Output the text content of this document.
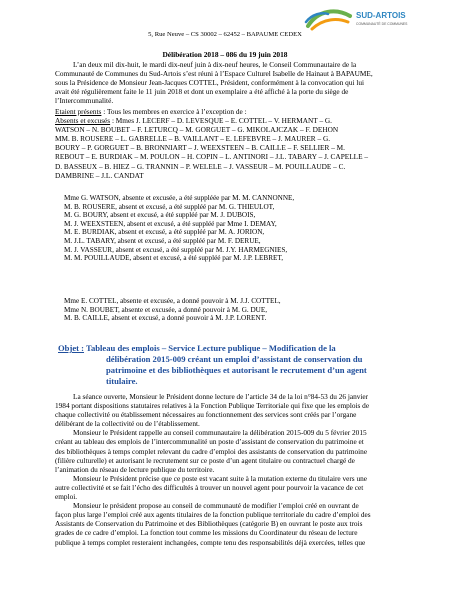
SUD-ARTOIS
COMMUNAUTÉ DE COMMUNES
5, Rue Neuve – CS 30002 – 62452 – BAPAUME CEDEX
Délibération 2018 – 086 du 19 juin 2018
L’an deux mil dix-huit, le mardi dix-neuf juin à dix-neuf heures, le Conseil Communautaire de la
Communauté de Communes du Sud-Artois s’est réuni à l’Espace Culturel Isabelle de Hainaut à BAPAUME,
sous la Présidence de Monsieur Jean-Jacques COTTEL, Président, conformément à la convocation qui lui
avait été régulièrement faite le 11 juin 2018 et dont un exemplaire a été affiché à la porte du siège de
l’Intercommunalité.
Etaient présents : Tous les membres en exercice à l’exception de :
Absents et excusés : Mmes J. LECERF – D. LEVESQUE – E. COTTEL – V. HERMANT – G.
WATSON – N. BOUBET – F. LETURCQ – M. GORGUET – G. MIKOLAJCZAK – F. DEHON
MM. B. ROUSERE – L. GABRELLE – B. VAILLANT – E. LEFEBVRE – J. MAURER – G.
BOURY – P. GORGUET – B. BRONNIART – J. WEEXSTEEN – B. CAILLE – F. SELLIER – M.
REBOUT – E. BURDIAK – M. POULON – H. COPIN – L. ANTINORI – J.L. TABARY – J. CAPELLE –
D. BASSEUX – B. HIEZ – G. TRANNIN – P. WELELE – J. VASSEUR – M. POUILLAUDE – C.
DAMBRINE – J.L. CANDAT
Mme G. WATSON, absente et excusée, a été suppléée par M. M. CANNONNE,
M. B. ROUSERE, absent et excusé, a été suppléé par M. G. THIEULOT,
M. G. BOURY, absent et excusé, a été suppléé par M. J. DUBOIS,
M. J. WEEXSTEEN, absent et excusé, a été suppléé par Mme I. DEMAY,
M. E. BURDIAK, absent et excusé, a été suppléé par M. A. JORION,
M. J.L. TABARY, absent et excusé, a été suppléé par M. F. DERUE,
M. J. VASSEUR, absent et excusé, a été suppléé par M. J.Y. HARMEGNIES,
M. M. POUILLAUDE, absent et excusé, a été suppléé par M. J.P. LEBRET,
Mme E. COTTEL, absente et excusée, a donné pouvoir à M. J.J. COTTEL,
Mme N. BOUBET, absente et excusée, a donné pouvoir à M. G. DUE,
M. B. CAILLE, absent et excusé, a donné pouvoir à M. J.P. LORENT.
Objet : Tableau des emplois – Service Lecture publique – Modification de la
délibération 2015-009 créant un emploi d’assistant de conservation du
patrimoine et des bibliothèques et autorisant le recrutement d’un agent
titulaire.
La séance ouverte, Monsieur le Président donne lecture de l’article 34 de la loi n°84-53 du 26 janvier
1984 portant dispositions statutaires relatives à la Fonction Publique Territoriale qui fixe que les emplois de
chaque collectivité ou établissement nécessaires au fonctionnement des services sont créés par l’organe
délibérant de la collectivité ou de l’établissement.
Monsieur le Président rappelle au conseil communautaire la délibération 2015-009 du 5 février 2015
créant au tableau des emplois de l’intercommunalité un poste d’assistant de conservation du patrimoine et
des bibliothèques à temps complet relevant du cadre d’emploi des assistants de conservation du patrimoine
(filière culturelle) et autorisant le recrutement sur ce poste d’un agent titulaire ou contractuel chargé de
l’animation du réseau de lecture publique du territoire.
Monsieur le Président précise que ce poste est vacant suite à la mutation externe du titulaire vers une
autre collectivité et se fait l’écho des difficultés à trouver un nouvel agent pour pourvoir la vacance de cet
emploi.
Monsieur le président propose au conseil de communauté de modifier l’emploi créé en ouvrant de
façon plus large l’emploi créé aux agents titulaires de la fonction publique territoriale du cadre d’emploi des
Assistants de Conservation du Patrimoine et des Bibliothèques (catégorie B) en ouvrant le poste aux trois
grades de ce cadre d’emploi. La fonction tout comme les missions du Coordinateur du réseau de lecture
publique à temps complet resteraient inchangées, compte tenu des responsabilités déjà exercées, telles que
